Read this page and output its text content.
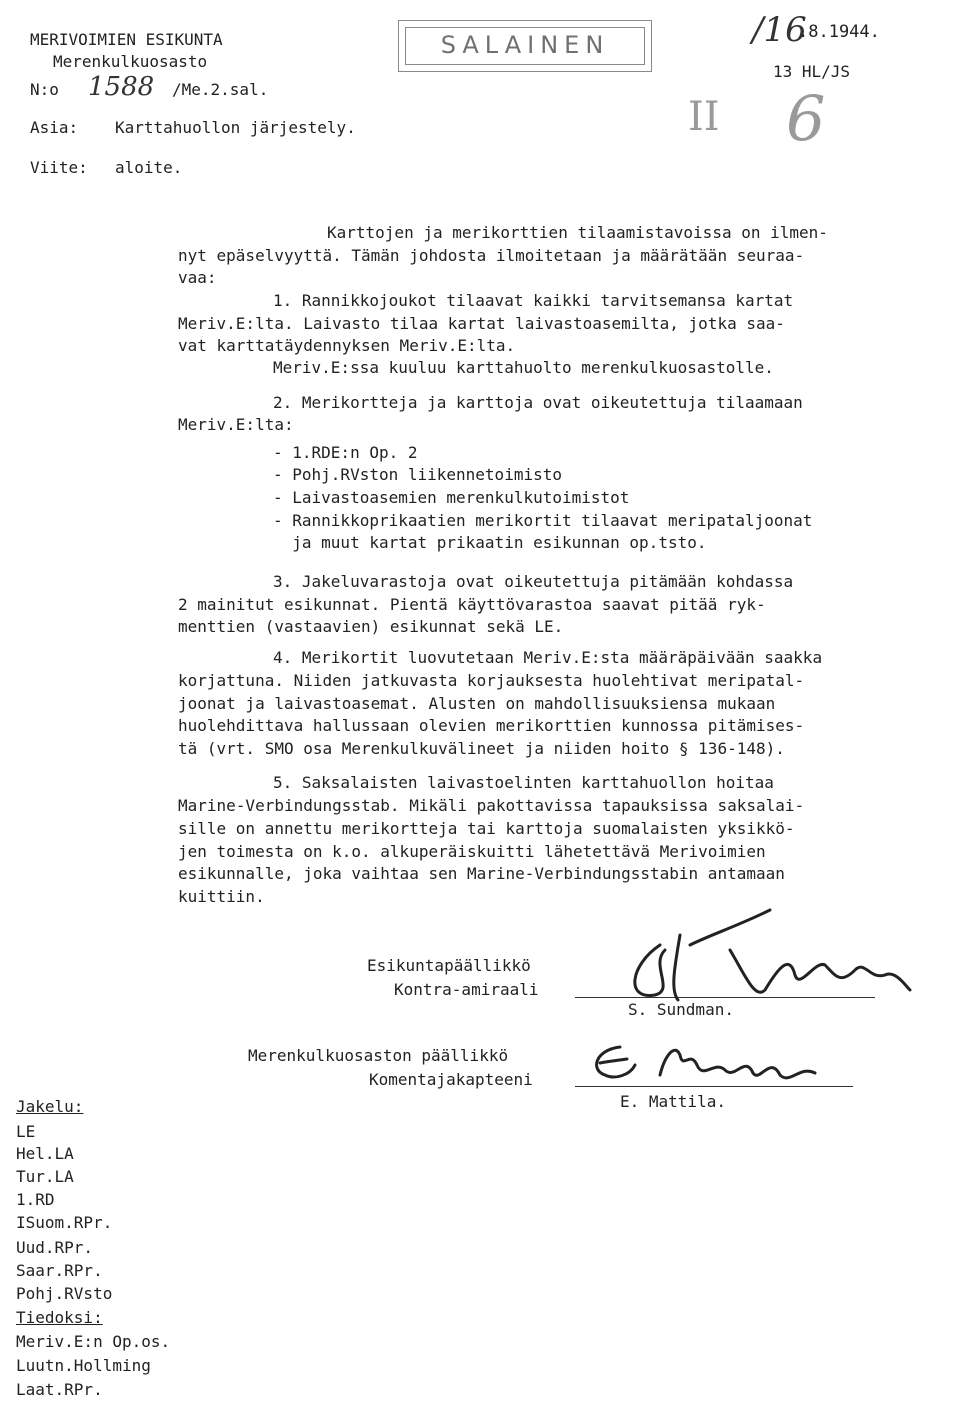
MERIVOIMIEN ESIKUNTA
Merenkulkuosasto
N:o 1588 /Me.2.sal.
SALAINEN	/16
.8.1944.
13 HL/JS
II 6
Asia: Karttahuollon järjestely.
Viite: aloite.
Karttojen ja merikorttien tilaamistavoissa on ilmen-
nyt epäselvyyttä. Tämän johdosta ilmoitetaan ja määrätään seuraa-
vaa:
1. Rannikkojoukot tilaavat kaikki tarvitsemansa kartat
Meriv.E:lta. Laivasto tilaa kartat laivastoasemilta, jotka saa-
vat karttatäydennyksen Meriv.E:lta.
Meriv.E:ssa kuuluu karttahuolto merenkulkuosastolle.
2. Merikortteja ja karttoja ovat oikeutettuja tilaamaan
Meriv.E:lta:
- 1.RDE:n Op. 2
- Pohj.RVston liikennetoimisto
- Laivastoasemien merenkulkutoimistot
- Rannikkoprikaatien merikortit tilaavat meripataljoonat
ja muut kartat prikaatin esikunnan op.tsto.
3. Jakeluvarastoja ovat oikeutettuja pitämään kohdassa
2 mainitut esikunnat. Pientä käyttövarastoa saavat pitää ryk-
menttien (vastaavien) esikunnat sekä LE.
4. Merikortit luovutetaan Meriv.E:sta määräpäivään saakka
korjattuna. Niiden jatkuvasta korjauksesta huolehtivat meripatal-
joonat ja laivastoasemat. Alusten on mahdollisuuksiensa mukaan
huolehdittava hallussaan olevien merikorttien kunnossa pitämises-
tä (vrt. SMO osa Merenkulkuvälineet ja niiden hoito § 136-148).
5. Saksalaisten laivastoelinten karttahuollon hoitaa
Marine-Verbindungsstab. Mikäli pakottavissa tapauksissa saksalai-
sille on annettu merikortteja tai karttoja suomalaisten yksikkö-
jen toimesta on k.o. alkuperäiskuitti lähetettävä Merivoimien
esikunnalle, joka vaihtaa sen Marine-Verbindungsstabin antamaan
kuittiin.
Esikuntapäällikkö
Kontra-amiraali
S. Sundman.
Merenkulkuosaston päällikkö
Komentajakapteeni
E. Mattila.
Jakelu:
LE
Hel.LA
Tur.LA
1.RD
ISuom.RPr.
Uud.RPr.
Saar.RPr.
Pohj.RVsto
Tiedoksi:
Meriv.E:n Op.os.
Luutn.Hollming
Laat.RPr.
